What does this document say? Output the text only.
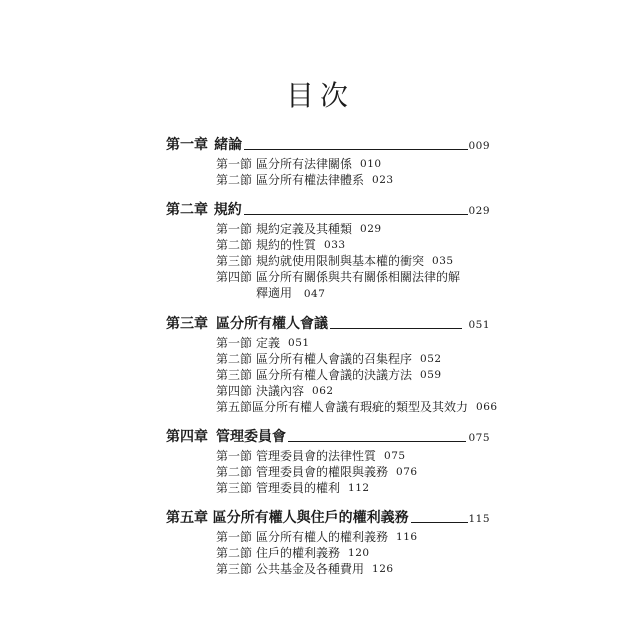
目次
第一章 緒論	009
第一節 區分所有法律關係 010
第二節 區分所有權法律體系 023
第二章 規約	029
第一節 規約定義及其種類 029
第二節 規約的性質 033
第三節 規約就使用限制與基本權的衝突 035
第四節 區分所有關係與共有關係相關法律的解
釋適用 047
第三章 區分所有權人會議	051
第一節 定義 051
第二節 區分所有權人會議的召集程序 052
第三節 區分所有權人會議的決議方法 059
第四節 決議內容 062
第五節 區分所有權人會議有瑕疵的類型及其效力 066
第四章 管理委員會	075
第一節 管理委員會的法律性質 075
第二節 管理委員會的權限與義務 076
第三節 管理委員的權利 112
第五章 區分所有權人與住戶的權利義務	115
第一節 區分所有權人的權利義務 116
第二節 住戶的權利義務 120
第三節 公共基金及各種費用 126
